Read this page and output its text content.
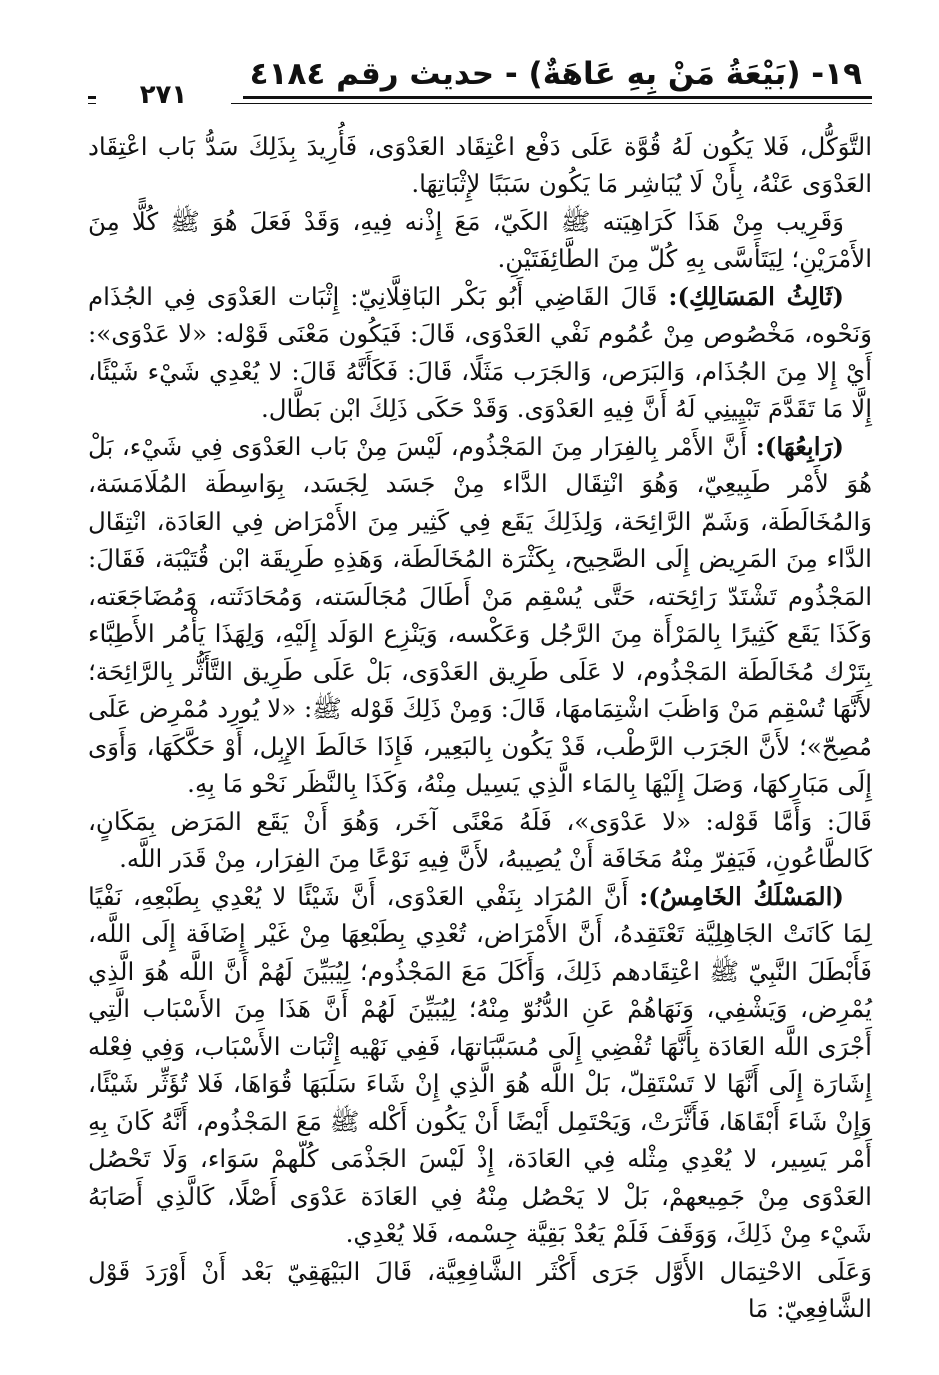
١٩- (بَيْعَةُ مَنْ بِهِ عَاهَةٌ) - حديث رقم ٤١٨٤
٢٧١

التَّوَكُّل، فَلا يَكُون لَهُ قُوَّة عَلَى دَفْع اعْتِقَاد العَدْوَى، فَأُرِيدَ بِذَلِكَ سَدُّ بَاب اعْتِقَاد العَدْوَى عَنْهُ، بِأَنْ لَا يُبَاشِر مَا يَكُون سَبَبًا لإِثْبَاتِهَا.

وَقَرِيب مِنْ هَذَا كَرَاهِيَته ﷺ الكَيّ، مَعَ إِذْنه فِيهِ، وَقَدْ فَعَلَ هُوَ ﷺ كُلًّا مِنَ الأَمْرَيْنِ؛ لِيَتَأَسَّى بِهِ كُلّ مِنَ الطَّائِفَتَيْنِ.

(ثَالِثُ المَسَالِكِ): قَالَ القَاضِي أَبُو بَكْر البَاقِلَّانِيّ: إِثْبَات العَدْوَى فِي الجُذَام وَنَحْوه، مَخْصُوص مِنْ عُمُوم نَفْي العَدْوَى، قَالَ: فَيَكُون مَعْنَى قَوْله: «لا عَدْوَى»: أَيْ إِلا مِنَ الجُذَام، وَالبَرَص، وَالجَرَب مَثَلًا، قَالَ: فَكَأَنَّهُ قَالَ: لا يُعْدِي شَيْء شَيْئًا، إِلَّا مَا تَقَدَّمَ تَبْيِينِي لَهُ أَنَّ فِيهِ العَدْوَى. وَقَدْ حَكَى ذَلِكَ ابْن بَطَّال.

(رَابِعُهَا): أَنَّ الأَمْر بِالفِرَار مِنَ المَجْذُوم، لَيْسَ مِنْ بَاب العَدْوَى فِي شَيْء، بَلْ هُوَ لأَمْر طَبِيعِيّ، وَهُوَ انْتِقَال الدَّاء مِنْ جَسَد لِجَسَد، بِوَاسِطَة المُلَامَسَة، وَالمُخَالَطَة، وَشَمّ الرَّائِحَة، وَلِذَلِكَ يَقَع فِي كَثِير مِنَ الأَمْرَاض فِي العَادَة، انْتِقَال الدَّاء مِنَ المَرِيض إِلَى الصَّحِيح، بِكَثْرَة المُخَالَطَة، وَهَذِهِ طَرِيقَة ابْن قُتَيْبَة، فَقَالَ: المَجْذُوم تَشْتَدّ رَائِحَته، حَتَّى يُسْقِم مَنْ أَطَالَ مُجَالَسَته، وَمُحَادَثَته، وَمُضَاجَعَته، وَكَذَا يَقَع كَثِيرًا بِالمَرْأَة مِنَ الرَّجُل وَعَكْسه، وَيَنْزِع الوَلَد إِلَيْهِ، وَلِهَذَا يَأْمُر الأَطِبَّاء بِتَرْك مُخَالَطَة المَجْذُوم، لا عَلَى طَرِيق العَدْوَى، بَلْ عَلَى طَرِيق التَّأَثُّر بِالرَّائِحَة؛ لأَنَّهَا تُسْقِم مَنْ وَاظَبَ اشْتِمَامهَا، قَالَ: وَمِنْ ذَلِكَ قَوْله ﷺ: «لا يُورِد مُمْرِض عَلَى مُصِحّ»؛ لأَنَّ الجَرَب الرَّطْب، قَدْ يَكُون بِالبَعِير، فَإِذَا خَالَطَ الإِبِل، أَوْ حَكَّكَهَا، وَأَوَى إِلَى مَبَارِكهَا، وَصَلَ إِلَيْهَا بِالمَاء الَّذِي يَسِيل مِنْهُ، وَكَذَا بِالنَّظَر نَحْو مَا بِهِ.

قَالَ: وَأَمَّا قَوْله: «لا عَدْوَى»، فَلَهُ مَعْنًى آخَر، وَهُوَ أَنْ يَقَع المَرَض بِمَكَانٍ، كَالطَّاعُونِ، فَيَفِرّ مِنْهُ مَخَافَة أَنْ يُصِيبهُ، لأَنَّ فِيهِ نَوْعًا مِنَ الفِرَار، مِنْ قَدَر اللَّه.

(المَسْلَكُ الخَامِسُ): أَنَّ المُرَاد بِنَفْي العَدْوَى، أَنَّ شَيْئًا لا يُعْدِي بِطَبْعِهِ، نَفْيًا لِمَا كَانَتْ الجَاهِلِيَّة تَعْتَقِدهُ، أَنَّ الأَمْرَاض، تُعْدِي بِطَبْعِهَا مِنْ غَيْر إِضَافَة إِلَى اللَّه، فَأَبْطَلَ النَّبِيّ ﷺ اعْتِقَادهم ذَلِكَ، وَأَكَلَ مَعَ المَجْذُوم؛ لِيُبَيِّنَ لَهُمْ أَنَّ اللَّه هُوَ الَّذِي يُمْرِض، وَيَشْفِي، وَنَهَاهُمْ عَنِ الدُّنُوّ مِنْهُ؛ لِيُبَيِّنَ لَهُمْ أَنَّ هَذَا مِنَ الأَسْبَاب الَّتِي أَجْرَى اللَّه العَادَة بِأَنَّهَا تُفْضِي إِلَى مُسَبَّبَاتهَا، فَفِي نَهْيه إِثْبَات الأَسْبَاب، وَفِي فِعْله إِشَارَة إِلَى أَنَّهَا لا تَسْتَقِلّ، بَلْ اللَّه هُوَ الَّذِي إِنْ شَاءَ سَلَبَهَا قُوَاهَا، فَلا تُؤَثِّر شَيْئًا، وَإِنْ شَاءَ أَبْقَاهَا، فَأَثَّرَتْ، وَيَحْتَمِل أَيْضًا أَنْ يَكُون أَكْله ﷺ مَعَ المَجْذُوم، أَنَّهُ كَانَ بِهِ أَمْر يَسِير، لا يُعْدِي مِثْله فِي العَادَة، إِذْ لَيْسَ الجَذْمَى كُلّهمْ سَوَاء، وَلَا تَحْصُل العَدْوَى مِنْ جَمِيعهمْ، بَلْ لا يَحْصُل مِنْهُ فِي العَادَة عَدْوَى أَصْلًا، كَالَّذِي أَصَابَهُ شَيْء مِنْ ذَلِكَ، وَوَقَفَ فَلَمْ يَعُدْ بَقِيَّة جِسْمه، فَلا يُعْدِي.

وَعَلَى الاحْتِمَال الأَوَّل جَرَى أَكْثَر الشَّافِعِيَّة، قَالَ البَيْهَقِيّ بَعْد أَنْ أَوْرَدَ قَوْل الشَّافِعِيّ: مَا
